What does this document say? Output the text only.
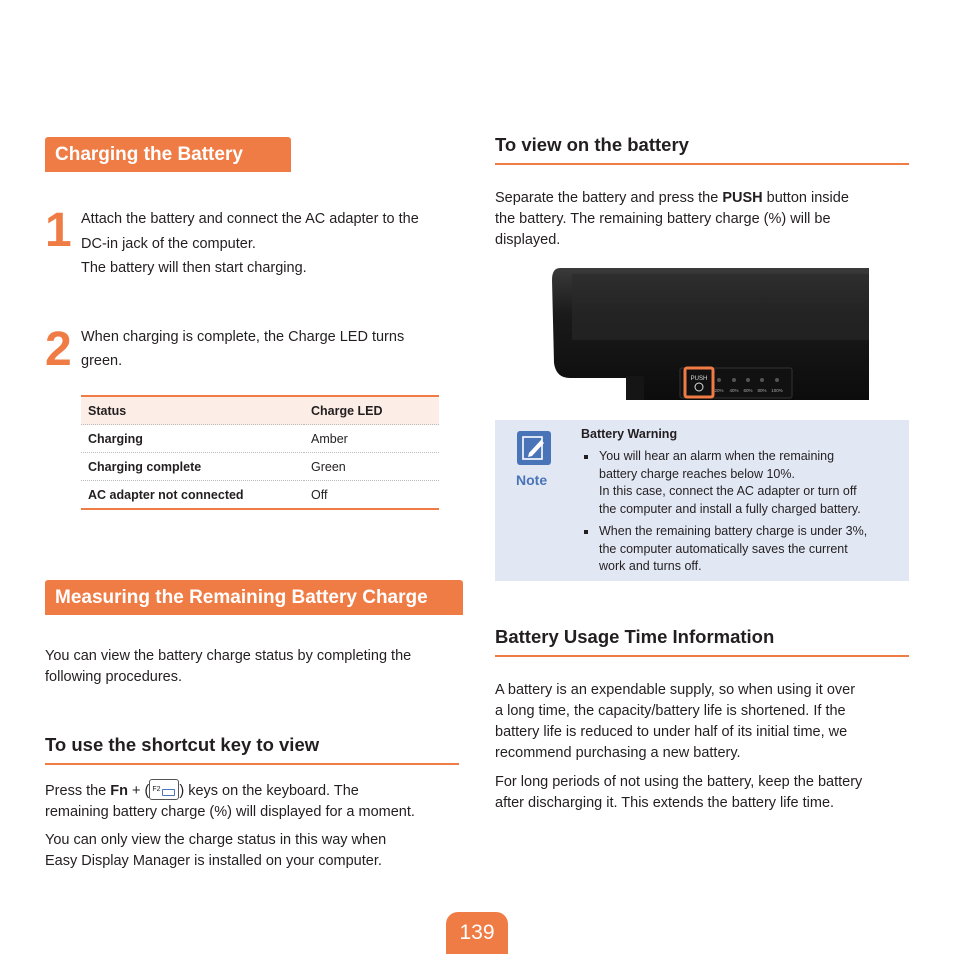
Charging the Battery
1 Attach the battery and connect the AC adapter to the
DC-in jack of the computer.
The battery will then start charging.
2 When charging is complete, the Charge LED turns
green.
Status	Charge LED
Charging	Amber
Charging complete	Green
AC adapter not connected	Off
Measuring the Remaining Battery Charge
You can view the battery charge status by completing the
following procedures.
To use the shortcut key to view
Press the Fn + ( F2 ) keys on the keyboard. The
remaining battery charge (%) will displayed for a moment.
You can only view the charge status in this way when
Easy Display Manager is installed on your computer.
To view on the battery
Separate the battery and press the PUSH button inside
the battery. The remaining battery charge (%) will be
displayed.
PUSH
20% 40% 60% 80% 100%
Note
Battery Warning
You will hear an alarm when the remaining
battery charge reaches below 10%.
In this case, connect the AC adapter or turn off
the computer and install a fully charged battery.
When the remaining battery charge is under 3%,
the computer automatically saves the current
work and turns off.
Battery Usage Time Information
A battery is an expendable supply, so when using it over
a long time, the capacity/battery life is shortened. If the
battery life is reduced to under half of its initial time, we
recommend purchasing a new battery.
For long periods of not using the battery, keep the battery
after discharging it. This extends the battery life time.
139
